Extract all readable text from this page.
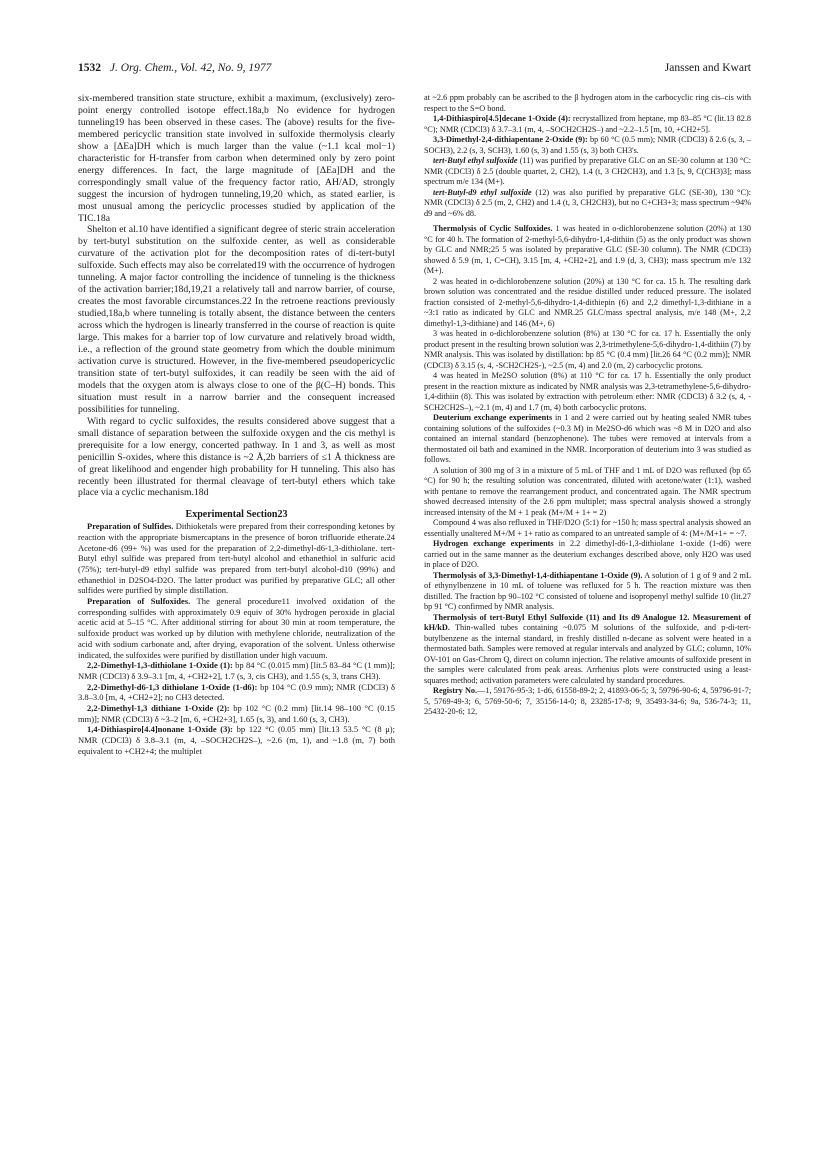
1532 J. Org. Chem., Vol. 42, No. 9, 1977	Janssen and Kwart

six-membered transition state structure, exhibit a maximum, (exclusively) zero-point energy controlled isotope effect.18a,b No evidence for hydrogen tunneling19 has been observed in these cases. The (above) results for the five-membered pericyclic transition state involved in sulfoxide thermolysis clearly show a [ΔEa]DH which is much larger than the value (~1.1 kcal mol−1) characteristic for H-transfer from carbon when determined only by zero point energy differences. In fact, the large magnitude of [ΔEa]DH and the correspondingly small value of the frequency factor ratio, AH/AD, strongly suggest the incursion of hydrogen tunneling,19,20 which, as stated earlier, is most unusual among the pericyclic processes studied by application of the TIC.18a

Shelton et al.10 have identified a significant degree of steric strain acceleration by tert-butyl substitution on the sulfoxide center, as well as considerable curvature of the activation plot for the decomposition rates of di-tert-butyl sulfoxide. Such effects may also be correlated19 with the occurrence of hydrogen tunneling. A major factor controlling the incidence of tunneling is the thickness of the activation barrier;18d,19,21 a relatively tall and narrow barrier, of course, creates the most favorable circumstances.22 In the retroene reactions previously studied,18a,b where tunneling is totally absent, the distance between the centers across which the hydrogen is linearly transferred in the course of reaction is quite large. This makes for a barrier top of low curvature and relatively broad width, i.e., a reflection of the ground state geometry from which the double minimum activation curve is structured. However, in the five-membered pseudopericyclic transition state of tert-butyl sulfoxides, it can readily be seen with the aid of models that the oxygen atom is always close to one of the β(C–H) bonds. This situation must result in a narrow barrier and the consequent increased possibilities for tunneling.

With regard to cyclic sulfoxides, the results considered above suggest that a small distance of separation between the sulfoxide oxygen and the cis methyl is prerequisite for a low energy, concerted pathway. In 1 and 3, as well as most penicillin S-oxides, where this distance is ~2 Å,2b barriers of ≤1 Å thickness are of great likelihood and engender high probability for H tunneling. This also has recently been illustrated for thermal cleavage of tert-butyl ethers which take place via a cyclic mechanism.18d

Experimental Section23

Preparation of Sulfides. Dithioketals were prepared from their corresponding ketones by reaction with the appropriate bismercaptans in the presence of boron trifluoride etherate.24 Acetone-d6 (99+ %) was used for the preparation of 2,2-dimethyl-d6-1,3-dithiolane. tert-Butyl ethyl sulfide was prepared from tert-butyl alcohol and ethanethiol in sulfuric acid (75%); tert-butyl-d9 ethyl sulfide was prepared from tert-butyl alcohol-d10 (99%) and ethanethiol in D2SO4-D2O. The latter product was purified by preparative GLC; all other sulfides were purified by simple distillation.

Preparation of Sulfoxides. The general procedure11 involved oxidation of the corresponding sulfides with approximately 0.9 equiv of 30% hydrogen peroxide in glacial acetic acid at 5–15 °C. After additional stirring for about 30 min at room temperature, the sulfoxide product was worked up by dilution with methylene chloride, neutralization of the acid with sodium carbonate and, after drying, evaporation of the solvent. Unless otherwise indicated, the sulfoxides were purified by distillation under high vacuum.

2,2-Dimethyl-1,3-dithiolane 1-Oxide (1): bp 84 °C (0.015 mm) [lit.5 83–84 °C (1 mm)]; NMR (CDCl3) δ 3.9–3.1 [m, 4, +CH2+2], 1.7 (s, 3, cis CH3), and 1.55 (s, 3, trans CH3).

2,2-Dimethyl-d6-1,3 dithiolane 1-Oxide (1-d6): bp 104 °C (0.9 mm); NMR (CDCl3) δ 3.8–3.0 [m, 4, +CH2+2]; no CH3 detected.

2,2-Dimethyl-1,3 dithiane 1-Oxide (2): bp 102 °C (0.2 mm) [lit.14 98–100 °C (0.15 mm)]; NMR (CDCl3) δ ~3–2 [m, 6, +CH2+3], 1.65 (s, 3), and 1.60 (s, 3, CH3).

1,4-Dithiaspiro[4.4]nonane 1-Oxide (3): bp 122 °C (0.05 mm) [lit.13 53.5 °C (8 μ); NMR (CDCl3) δ 3.8–3.1 (m, 4, –SOCH2CH2S–), ~2.6 (m, 1), and ~1.8 (m, 7) both equivalent to +CH2+4; the multiplet

at ~2.6 ppm probably can be ascribed to the β hydrogen atom in the carbocyclic ring cis–cis with respect to the S=O bond.

1,4-Dithiaspiro[4.5]decane 1-Oxide (4): recrystallized from heptane, mp 83–85 °C (lit.13 82.8 °C); NMR (CDCl3) δ 3.7–3.1 (m, 4, –SOCH2CH2S–) and ~2.2–1.5 [m, 10, +CH2+5].

3,3-Dimethyl-2,4-dithiapentane 2-Oxide (9): bp 60 °C (0.5 mm); NMR (CDCl3) δ 2.6 (s, 3, –SOCH3), 2.2 (s, 3, SCH3), 1.60 (s, 3) and 1.55 (s, 3) both CH3's.

tert-Butyl ethyl sulfoxide (11) was purified by preparative GLC on an SE-30 column at 130 °C: NMR (CDCl3) δ 2.5 (double quartet, 2, CH2), 1.4 (t, 3 CH2CH3), and 1.3 [s, 9, C(CH3)3]; mass spectrum m/e 134 (M+).

tert-Butyl-d9 ethyl sulfoxide (12) was also purified by preparative GLC (SE-30), 130 °C): NMR (CDCl3) δ 2.5 (m, 2, CH2) and 1.4 (t, 3, CH2CH3), but no C+CH3+3; mass spectrum ~94% d9 and ~6% d8.

Thermolysis of Cyclic Sulfoxides. 1 was heated in o-dichlorobenzene solution (20%) at 130 °C for 40 h. The formation of 2-methyl-5,6-dihydro-1,4-dithiin (5) as the only product was shown by GLC and NMR;25 5 was isolated by preparative GLC (SE-30 column). The NMR (CDCl3) showed δ 5.9 (m, 1, C=CH), 3.15 [m, 4, +CH2+2], and 1.9 (d, 3, CH3); mass spectrum m/e 132 (M+).

2 was heated in o-dichlorobenzene solution (20%) at 130 °C for ca. 15 h. The resulting dark brown solution was concentrated and the residue distilled under reduced pressure. The isolated fraction consisted of 2-methyl-5,6-dihydro-1,4-dithiepin (6) and 2,2 dimethyl-1,3-dithiane in a ~3:1 ratio as indicated by GLC and NMR.25 GLC/mass spectral analysis, m/e 148 (M+, 2,2 dimethyl-1,3-dithiane) and 146 (M+, 6)

3 was heated in o-dichlorobenzene solution (8%) at 130 °C for ca. 17 h. Essentially the only product present in the resulting brown solution was 2,3-trimethylene-5,6-dihydro-1,4-dithiin (7) by NMR analysis. This was isolated by distillation: bp 85 °C (0.4 mm) [lit.26 64 °C (0.2 mm)]; NMR (CDCl3) δ 3.15 (s, 4, -SCH2CH2S-), ~2.5 (m, 4) and 2.0 (m, 2) carbocyclic protons.

4 was heated in Me2SO solution (8%) at 110 °C for ca. 17 h. Essentially the only product present in the reaction mixture as indicated by NMR analysis was 2,3-tetramethylene-5,6-dihydro-1,4-dithiin (8). This was isolated by extraction with petroleum ether: NMR (CDCl3) δ 3.2 (s, 4, -SCH2CH2S–), ~2.1 (m, 4) and 1.7 (m, 4) both carbocyclic protons.

Deuterium exchange experiments in 1 and 2 were carried out by heating sealed NMR tubes containing solutions of the sulfoxides (~0.3 M) in Me2SO-d6 which was ~8 M in D2O and also contained an internal standard (benzophenone). The tubes were removed at intervals from a thermostated oil bath and examined in the NMR. Incorporation of deuterium into 3 was studied as follows.

A solution of 300 mg of 3 in a mixture of 5 mL of THF and 1 mL of D2O was refluxed (bp 65 °C) for 90 h; the resulting solution was concentrated, diluted with acetone/water (1:1), washed with pentane to remove the rearrangement product, and concentrated again. The NMR spectrum showed decreased intensity of the 2.6 ppm multiplet; mass spectral analysis showed a strongly increased intensity of the M + 1 peak (M+/M + 1+ = 2)

Compound 4 was also refluxed in THF/D2O (5:1) for ~150 h; mass spectral analysis showed an essentially unaltered M+/M + 1+ ratio as compared to an untreated sample of 4: (M+/M+1+ = ~7.

Hydrogen exchange experiments in 2.2 dimethyl-d6-1,3-dithiolane 1-oxide (1-d6) were carried out in the same manner as the deuterium exchanges described above, only H2O was used in place of D2O.

Thermolysis of 3,3-Dimethyl-1,4-dithiapentane 1-Oxide (9). A solution of 1 g of 9 and 2 mL of ethynylbenzene in 10 mL of toluene was refluxed for 5 h. The reaction mixture was then distilled. The fraction bp 90–102 °C consisted of toluene and isopropenyl methyl sulfide 10 (lit.27 bp 91 °C) confirmed by NMR analysis.

Thermolysis of tert-Butyl Ethyl Sulfoxide (11) and Its d9 Analogue 12. Measurement of kH/kD. Thin-walled tubes containing ~0.075 M solutions of the sulfoxide, and p-di-tert-butylbenzene as the internal standard, in freshly distilled n-decane as solvent were heated in a thermostated bath. Samples were removed at regular intervals and analyzed by GLC; column, 10% OV-101 on Gas-Chrom Q, direct on column injection. The relative amounts of sulfoxide present in the samples were calculated from peak areas. Arrhenius plots were constructed using a least-squares method; activation parameters were calculated by standard procedures.

Registry No.—1, 59176-95-3; 1-d6, 61558-89-2; 2, 41893-06-5; 3, 59796-90-6; 4, 59796-91-7; 5, 5769-49-3; 6, 5769-50-6; 7, 35156-14-0; 8, 23285-17-8; 9, 35493-34-6; 9a, 536-74-3; 11, 25432-20-6; 12,
